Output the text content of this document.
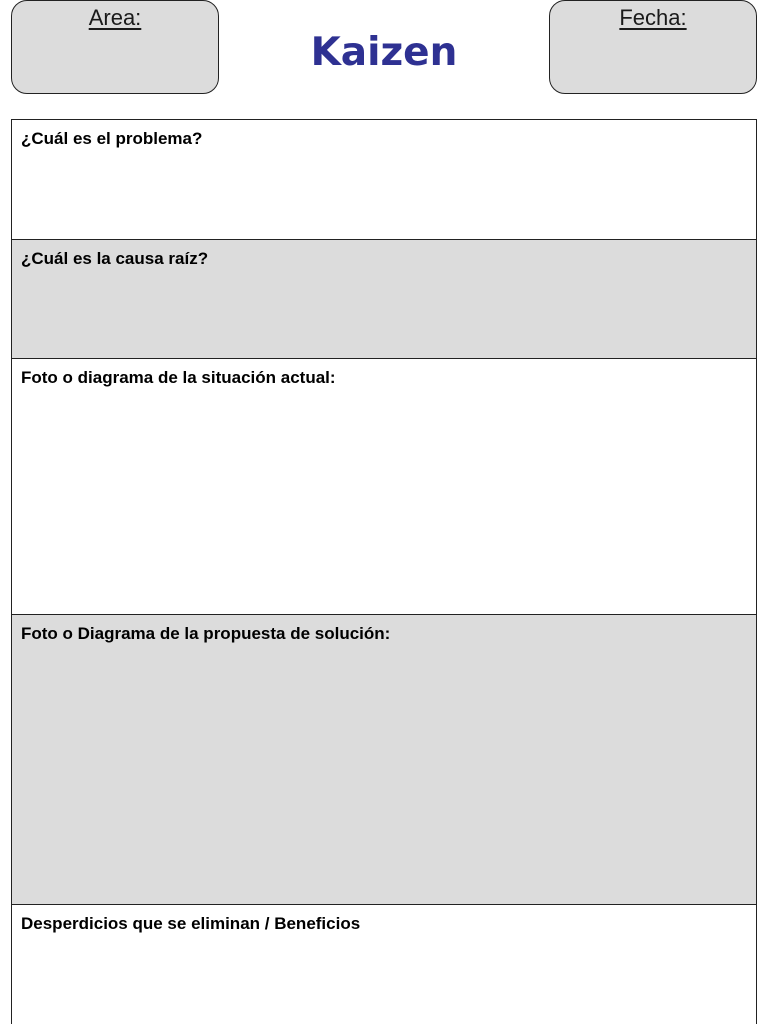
Area:
Kaizen
Fecha:
¿Cuál es el problema?
¿Cuál es la causa raíz?
Foto o diagrama de la situación actual:
Foto o Diagrama de la propuesta de solución:
Desperdicios que se eliminan / Beneficios
